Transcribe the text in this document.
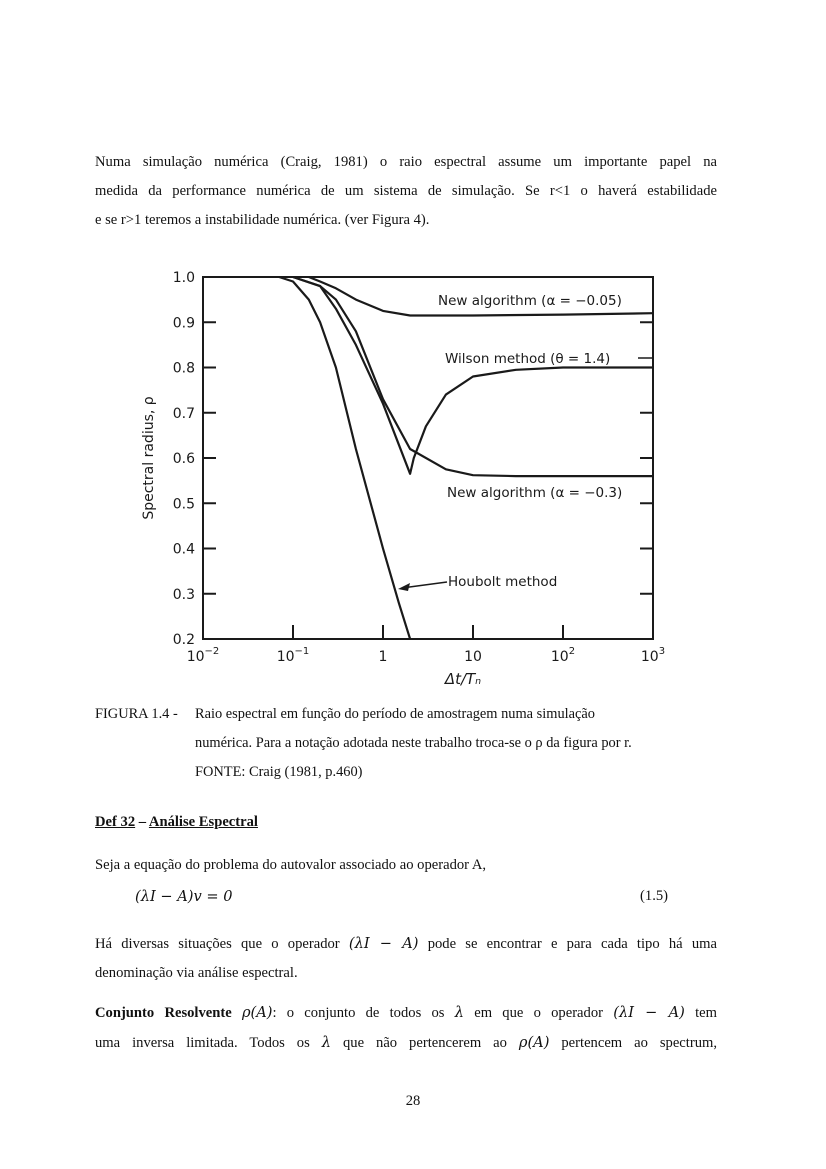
Numa simulação numérica (Craig, 1981) o raio espectral assume um importante papel na
medida da performance numérica de um sistema de simulação. Se r<1 o haverá estabilidade
e se r>1 teremos a instabilidade numérica. (ver Figura 4).
0.2
0.3
0.4
0.5
0.6
0.7
0.8
0.9
1.0
$10^{-2}$	$10^{-1}$	1	10	$10^2$	$10^3$
Spectral radius, ρ
Δt/Tₙ
New algorithm (α = −0.05)
Wilson method (θ = 1.4)
New algorithm (α = −0.3)
Houbolt method
FIGURA 1.4 - Raio espectral em função do período de amostragem numa simulação
numérica. Para a notação adotada neste trabalho troca-se o ρ da figura por r.
FONTE: Craig (1981, p.460)
Def 32 – Análise Espectral
Seja a equação do problema do autovalor associado ao operador A,
(λI − A)v = 0	(1.5)
Há diversas situações que o operador (λI − A) pode se encontrar e para cada tipo há uma
denominação via análise espectral.
Conjunto Resolvente ρ(A): o conjunto de todos os λ em que o operador (λI − A) tem
uma inversa limitada. Todos os λ que não pertencerem ao ρ(A) pertencem ao spectrum,
28
